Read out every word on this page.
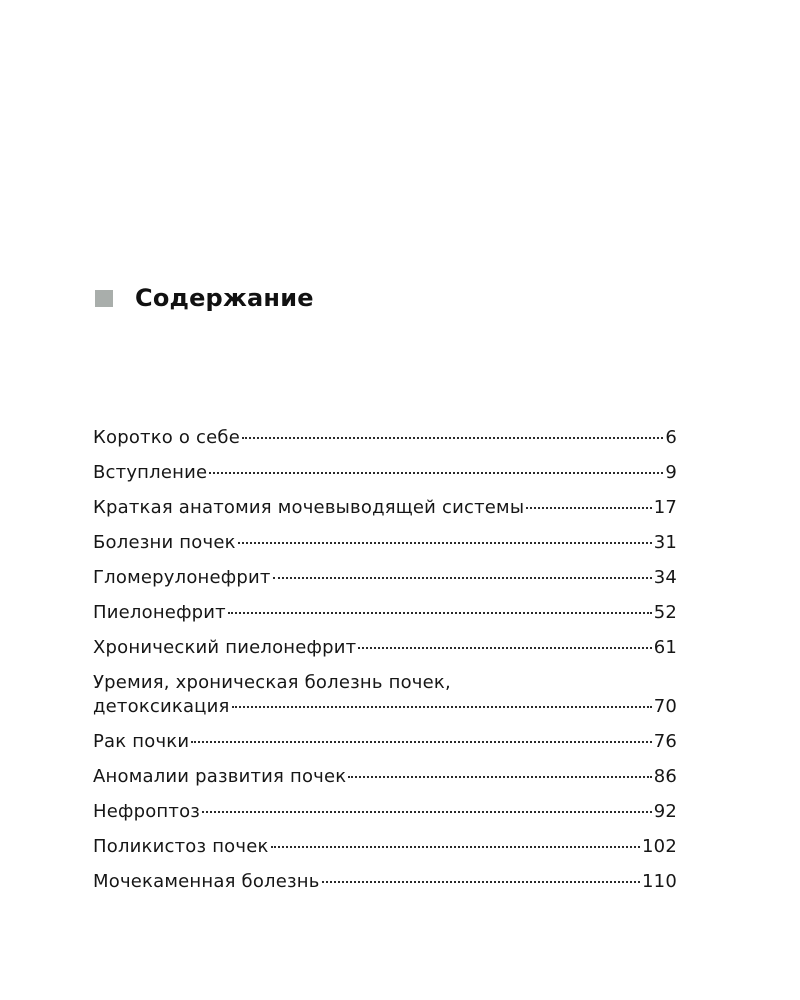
Содержание
Коротко о себе	6
Вступление	9
Краткая анатомия мочевыводящей системы	17
Болезни почек	31
Гломерулонефрит	34
Пиелонефрит	52
Хронический пиелонефрит	61
Уремия, хроническая болезнь почек,
детоксикация	70
Рак почки	76
Аномалии развития почек	86
Нефроптоз	92
Поликистоз почек	102
Мочекаменная болезнь	110
